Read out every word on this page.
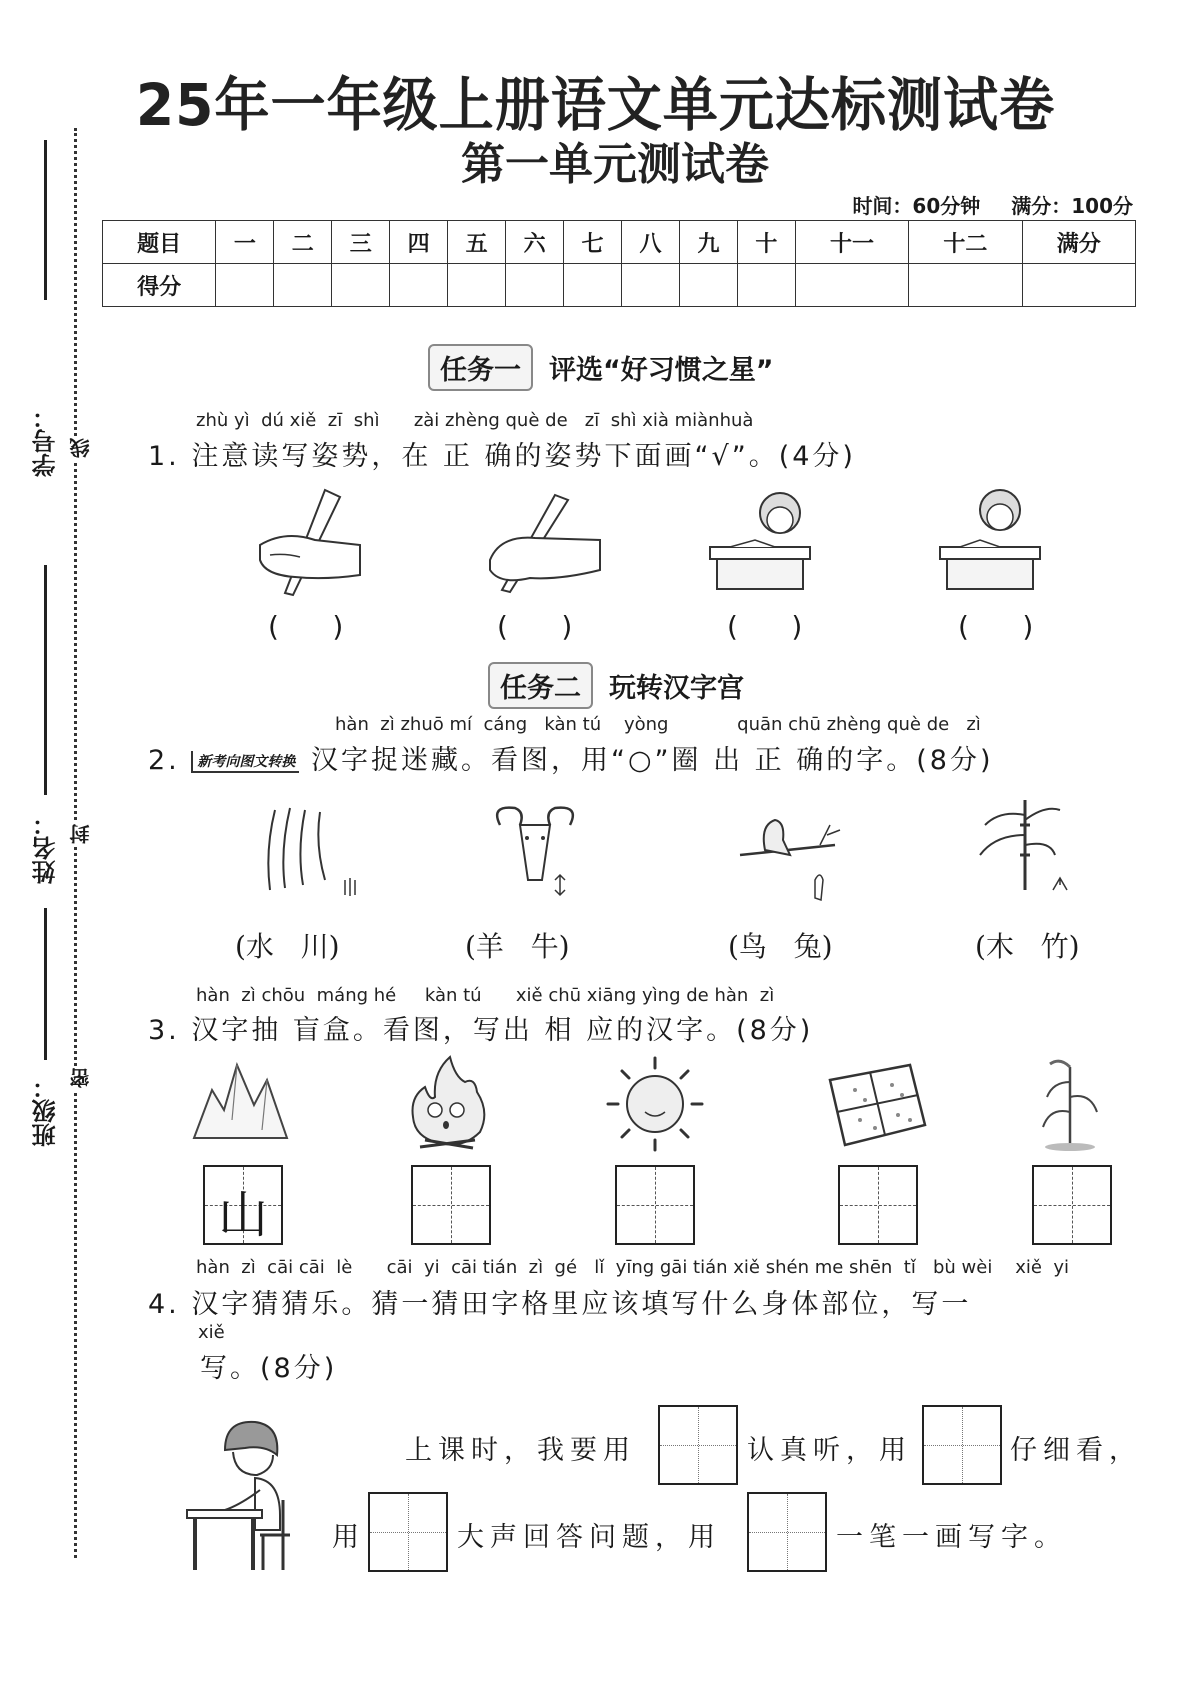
25年一年级上册语文单元达标测试卷
第一单元测试卷
时间：60分钟 满分：100分
题目	一	二	三	四	五	六	七	八	九	十	十一	十二	满分
得分													
学号： 线
姓名： 封
班级： 密
任务一	评选“好习惯之星”
zhù yì  dú xiě  zī  shì      zài zhèng què de   zī  shì xià miànhuà
1. 注意读写姿势，在 正 确的姿势下面画“√”。(4分)
(      )	(      )	(      )	(      )
任务二	玩转汉字宫
hàn  zì zhuō mí  cáng   kàn tú    yòng            quān chū zhèng què de   zì
2. 新考向图文转换 汉字捉迷藏。看图，用“○”圈 出 正 确的字。(8分)
(水   川)	(羊   牛)	(鸟   兔)	(木   竹)
hàn  zì chōu  máng hé     kàn tú      xiě chū xiāng yìng de hàn  zì
3. 汉字抽 盲盒。看图，写出 相 应的汉字。(8分)
山
hàn  zì  cāi cāi  lè      cāi  yi  cāi tián  zì  gé   lǐ  yīng gāi tián xiě shén me shēn  tǐ   bù wèi    xiě  yi
4. 汉字猜猜乐。猜一猜田字格里应该填写什么身体部位，写一
xiě
写。(8分)
上课时，我要用	认真听，用	仔细看，
用	大声回答问题，用	一笔一画写字。
